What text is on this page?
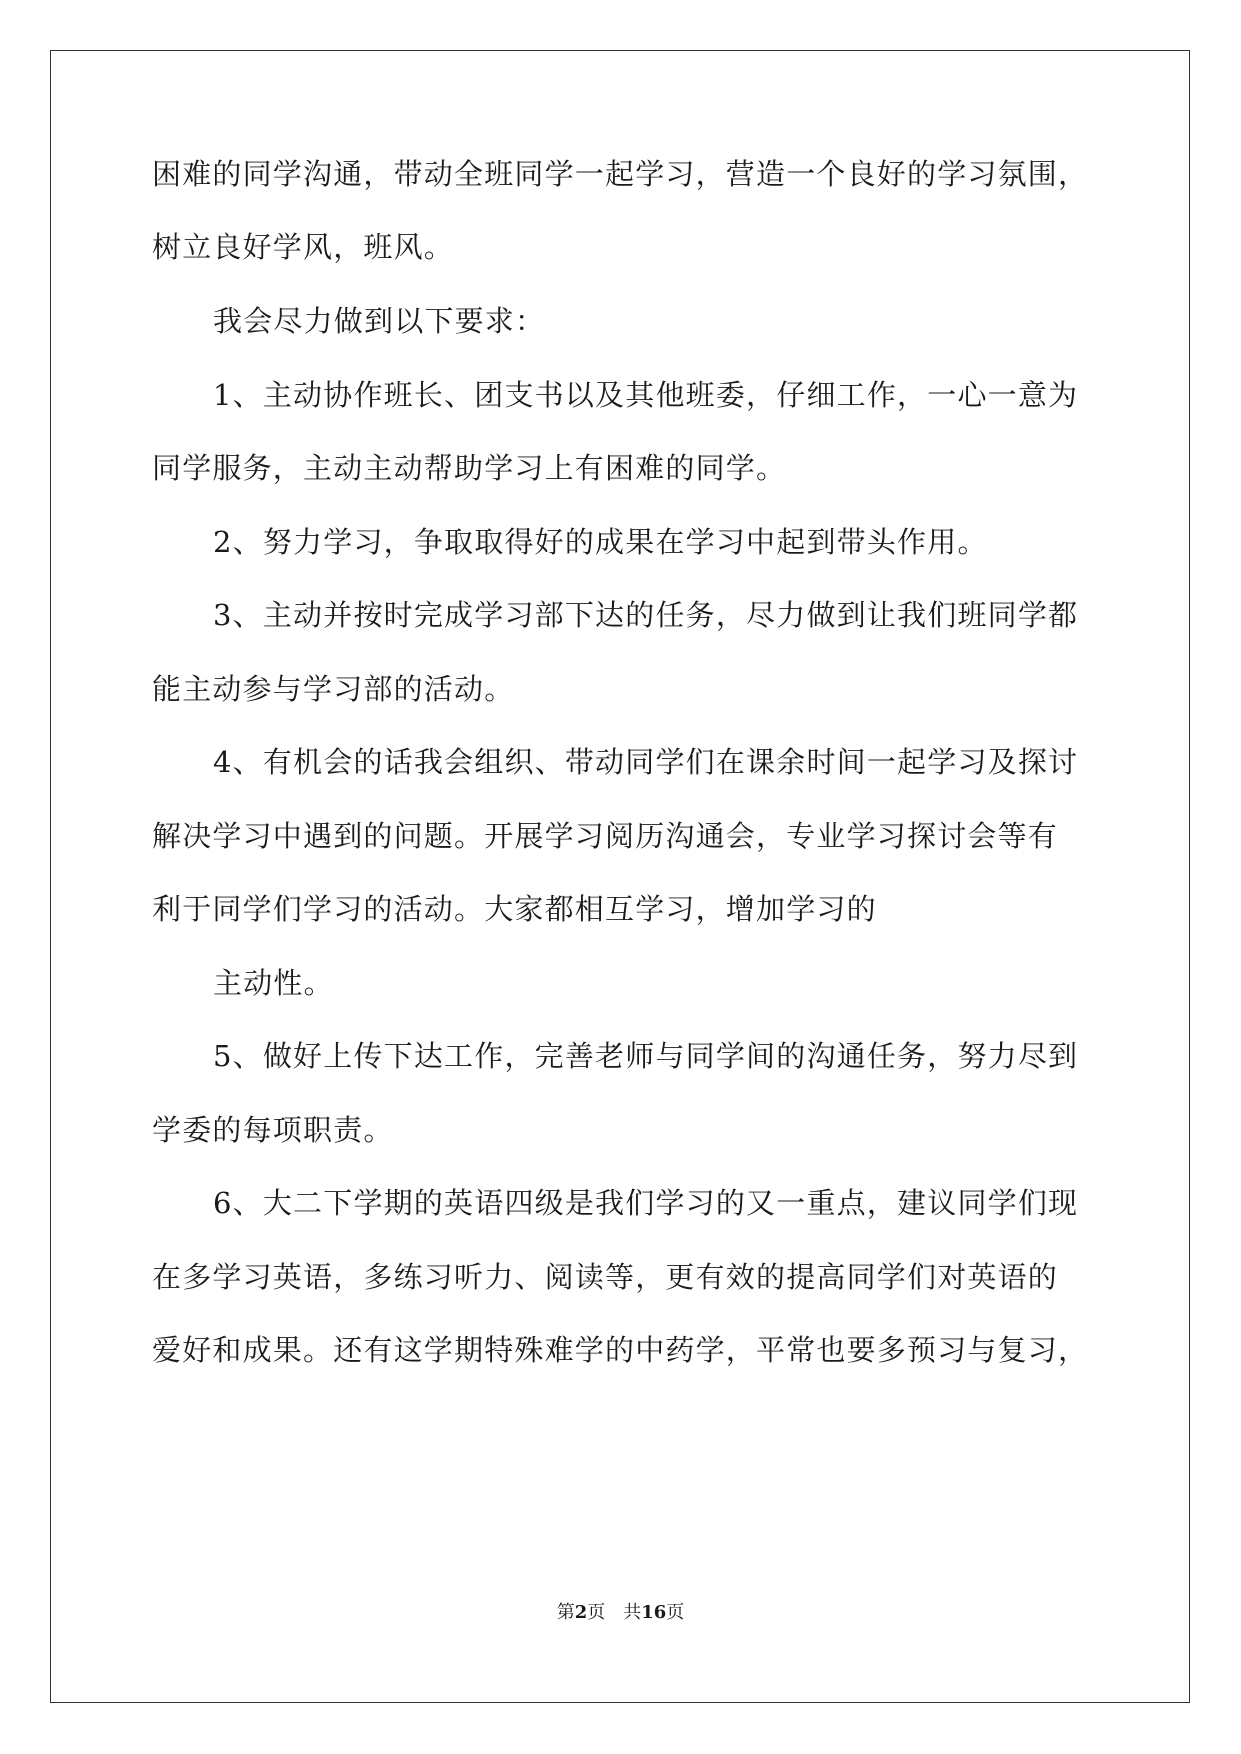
困难的同学沟通，带动全班同学一起学习，营造一个良好的学习氛围，
树立良好学风，班风。
我会尽力做到以下要求：
1、主动协作班长、团支书以及其他班委，仔细工作，一心一意为
同学服务，主动主动帮助学习上有困难的同学。
2、努力学习，争取取得好的成果在学习中起到带头作用。
3、主动并按时完成学习部下达的任务，尽力做到让我们班同学都
能主动参与学习部的活动。
4、有机会的话我会组织、带动同学们在课余时间一起学习及探讨
解决学习中遇到的问题。开展学习阅历沟通会，专业学习探讨会等有
利于同学们学习的活动。大家都相互学习，增加学习的
主动性。
5、做好上传下达工作，完善老师与同学间的沟通任务，努力尽到
学委的每项职责。
6、大二下学期的英语四级是我们学习的又一重点，建议同学们现
在多学习英语，多练习听力、阅读等，更有效的提高同学们对英语的
爱好和成果。还有这学期特殊难学的中药学，平常也要多预习与复习，
第2页 共16页
